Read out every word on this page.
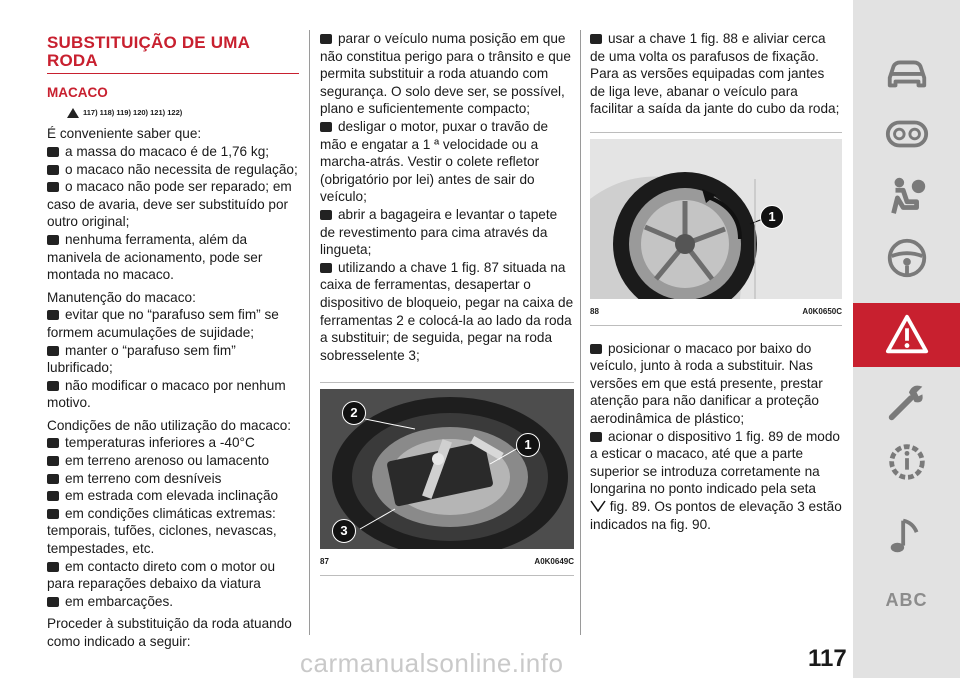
SUBSTITUIÇÃO DE UMA RODA
MACACO
117) 118) 119) 120) 121) 122)

É conveniente saber que:

a massa do macaco é de 1,76 kg;

o macaco não necessita de regulação;

o macaco não pode ser reparado; em caso de avaria, deve ser substituído por outro original;

nenhuma ferramenta, além da manivela de acionamento, pode ser montada no macaco.

Manutenção do macaco:

evitar que no “parafuso sem fim” se formem acumulações de sujidade;

manter o “parafuso sem fim” lubrificado;

não modificar o macaco por nenhum motivo.

Condições de não utilização do macaco:

temperaturas inferiores a -40°C

em terreno arenoso ou lamacento

em terreno com desníveis

em estrada com elevada inclinação

em condições climáticas extremas: temporais, tufões, ciclones, nevascas, tempestades, etc.

em contacto direto com o motor ou para reparações debaixo da viatura

em embarcações.

Proceder à substituição da roda atuando como indicado a seguir:

parar o veículo numa posição em que não constitua perigo para o trânsito e que permita substituir a roda atuando com segurança. O solo deve ser, se possível, plano e suficientemente compacto;

desligar o motor, puxar o travão de mão e engatar a 1 ª velocidade ou a marcha-atrás. Vestir o colete refletor (obrigatório por lei) antes de sair do veículo;

abrir a bagageira e levantar o tapete de revestimento para cima através da lingueta;

utilizando a chave 1 fig. 87 situada na caixa de ferramentas, desapertar o dispositivo de bloqueio, pegar na caixa de ferramentas 2 e colocá-la ao lado da roda a substituir; de seguida, pegar na roda sobresselente 3;

2
1
3
87	A0K0649C

usar a chave 1 fig. 88 e aliviar cerca de uma volta os parafusos de fixação. Para as versões equipadas com jantes de liga leve, abanar o veículo para facilitar a saída da jante do cubo da roda;

1
88	A0K0650C

posicionar o macaco por baixo do veículo, junto à roda a substituir. Nas versões em que está presente, prestar atenção para não danificar a proteção aerodinâmica de plástico;

acionar o dispositivo 1 fig. 89 de modo a esticar o macaco, até que a parte superior se introduza corretamente na longarina no ponto indicado pela seta

fig. 89. Os pontos de elevação 3 estão indicados na fig. 90.

ABC
carmanualsonline.info	117
